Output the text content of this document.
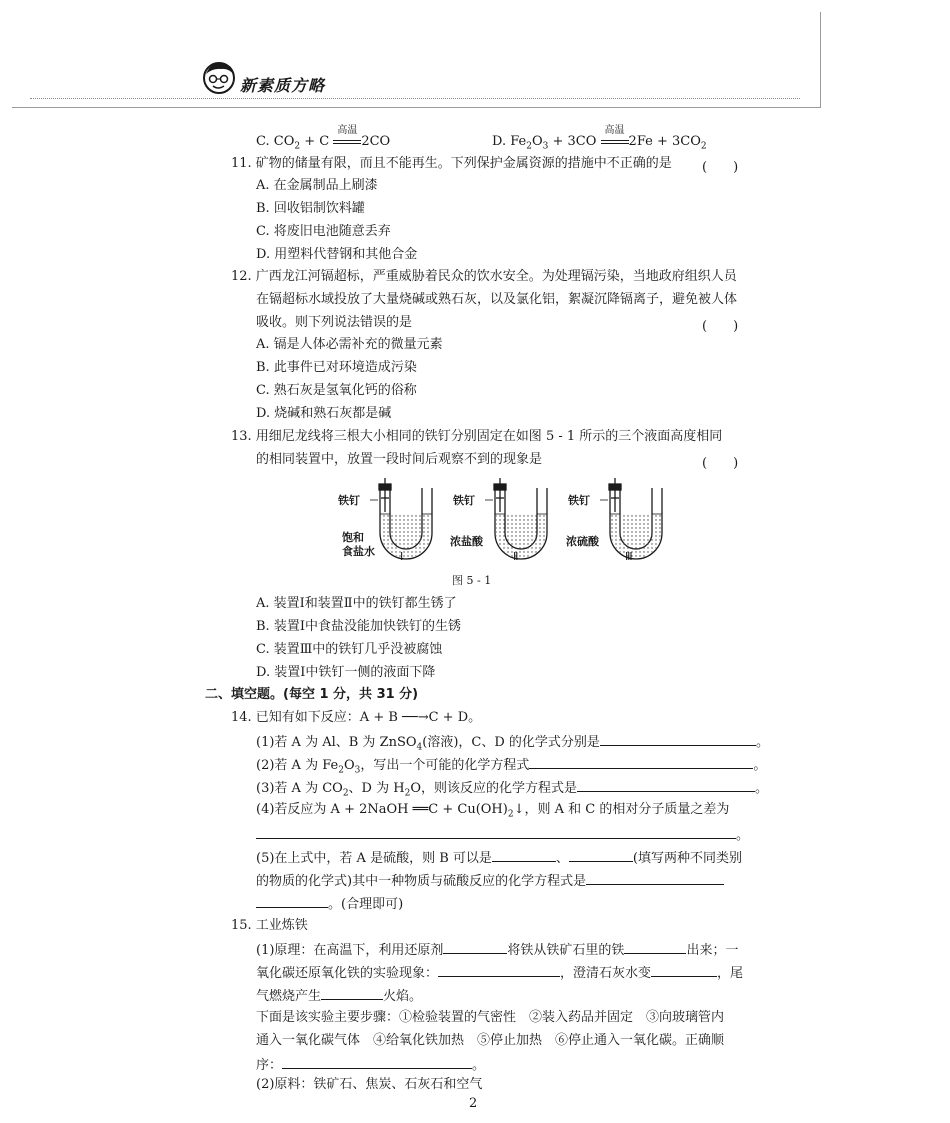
新素质方略
C. $CO_2 + C$
高温
2CO	D. $Fe_2O_3 + 3CO$
高温
$2Fe + 3CO_2$
11. 矿物的储量有限，而且不能再生。下列保护金属资源的措施中不正确的是 (　　)
A. 在金属制品上刷漆
B. 回收铝制饮料罐
C. 将废旧电池随意丢弃
D. 用塑料代替钢和其他合金
12. 广西龙江河镉超标，严重威胁着民众的饮水安全。为处理镉污染，当地政府组织人员
在镉超标水域投放了大量烧碱或熟石灰，以及氯化铝，絮凝沉降镉离子，避免被人体
吸收。则下列说法错误的是	(　　)
A. 镉是人体必需补充的微量元素
B. 此事件已对环境造成污染
C. 熟石灰是氢氧化钙的俗称
D. 烧碱和熟石灰都是碱
13. 用细尼龙线将三根大小相同的铁钉分别固定在如图 5 - 1 所示的三个液面高度相同
的相同装置中，放置一段时间后观察不到的现象是	(　　)
铁钉	铁钉	铁钉
饱和
食盐水
浓盐酸	浓硫酸
Ⅰ	Ⅱ	Ⅲ
图 5 - 1
A. 装置Ⅰ和装置Ⅱ中的铁钉都生锈了
B. 装置Ⅰ中食盐没能加快铁钉的生锈
C. 装置Ⅲ中的铁钉几乎没被腐蚀
D. 装置Ⅰ中铁钉一侧的液面下降
二、填空题。(每空 1 分，共 31 分)
14. 已知有如下反应：A + B ──→C + D。
(1)若 A 为 Al、B 为 ZnSO$_4$(溶液)，C、D 的化学式分别是	。
(2)若 A 为 $Fe_2O_3$，写出一个可能的化学方程式	。
(3)若 A 为 $CO_2$、D 为 $H_2O$，则该反应的化学方程式是	。
(4)若反应为 A + 2NaOH ══C + $Cu(OH)_2↓$，则 A 和 C 的相对分子质量之差为
。
(5)在上式中，若 A 是硫酸，则 B 可以是	、	(填写两种不同类别
的物质的化学式)其中一种物质与硫酸反应的化学方程式是
。(合理即可)
15. 工业炼铁
(1)原理：在高温下，利用还原剂	将铁从铁矿石里的铁	出来；一
氧化碳还原氧化铁的实验现象：	，澄清石灰水变	，尾
气燃烧产生	火焰。
下面是该实验主要步骤：①检验装置的气密性　②装入药品并固定　③向玻璃管内
通入一氧化碳气体　④给氧化铁加热　⑤停止加热　⑥停止通入一氧化碳。正确顺
序：	。
(2)原料：铁矿石、焦炭、石灰石和空气
2
